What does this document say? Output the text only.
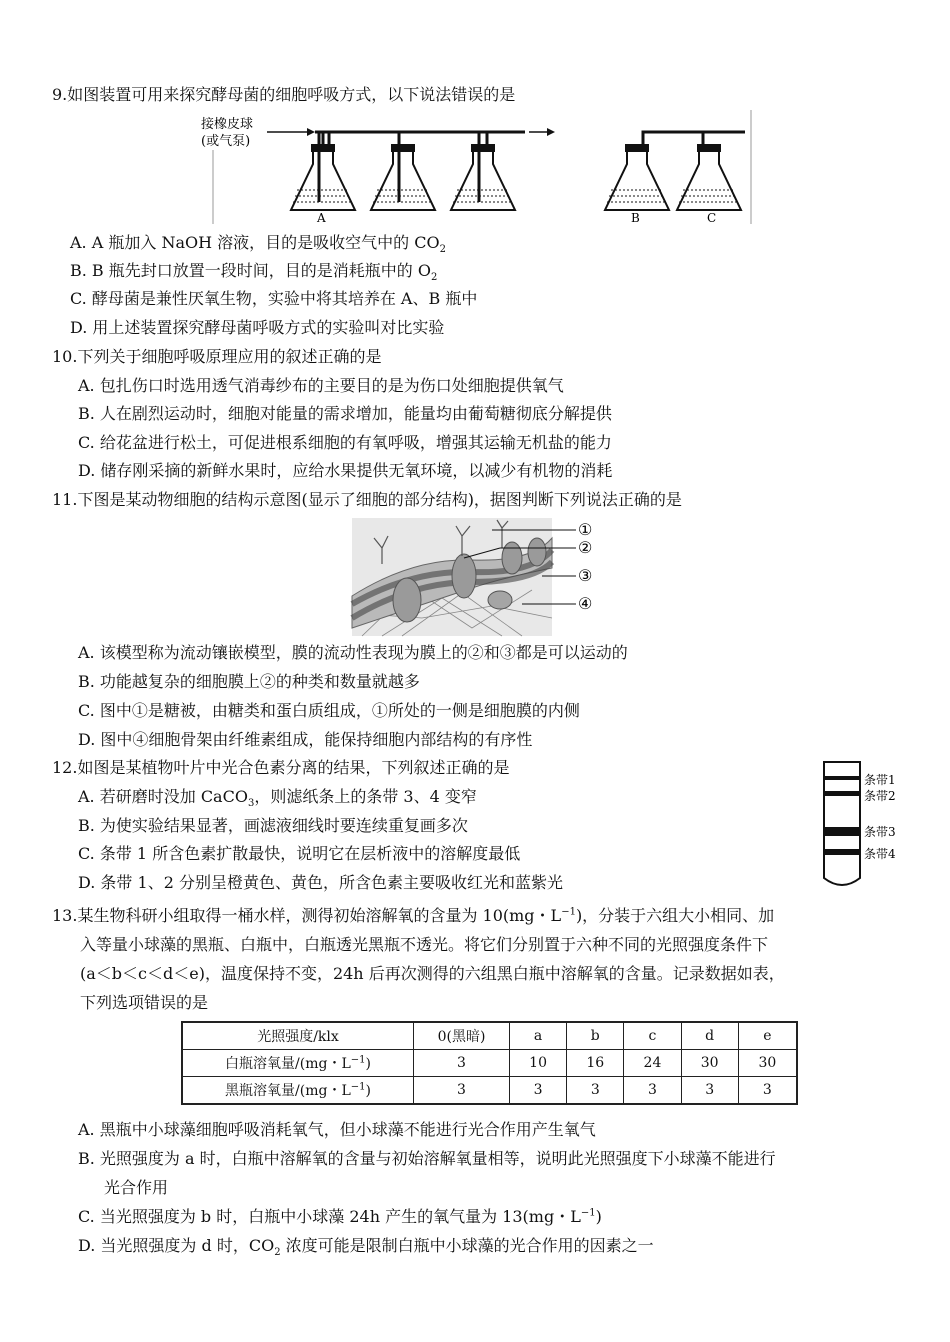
9.如图装置可用来探究酵母菌的细胞呼吸方式，以下说法错误的是
接橡皮球
(或气泵)
A	B	C
A. A 瓶加入 NaOH 溶液，目的是吸收空气中的 $CO_2$
B. B 瓶先封口放置一段时间，目的是消耗瓶中的 $O_2$
C. 酵母菌是兼性厌氧生物，实验中将其培养在 A、B 瓶中
D. 用上述装置探究酵母菌呼吸方式的实验叫对比实验
10.下列关于细胞呼吸原理应用的叙述正确的是
A. 包扎伤口时选用透气消毒纱布的主要目的是为伤口处细胞提供氧气
B. 人在剧烈运动时，细胞对能量的需求增加，能量均由葡萄糖彻底分解提供
C. 给花盆进行松土，可促进根系细胞的有氧呼吸，增强其运输无机盐的能力
D. 储存刚采摘的新鲜水果时，应给水果提供无氧环境，以减少有机物的消耗
11.下图是某动物细胞的结构示意图(显示了细胞的部分结构)，据图判断下列说法正确的是
①
②
③
④
A. 该模型称为流动镶嵌模型，膜的流动性表现为膜上的②和③都是可以运动的
B. 功能越复杂的细胞膜上②的种类和数量就越多
C. 图中①是糖被，由糖类和蛋白质组成，①所处的一侧是细胞膜的内侧
D. 图中④细胞骨架由纤维素组成，能保持细胞内部结构的有序性
12.如图是某植物叶片中光合色素分离的结果，下列叙述正确的是
A. 若研磨时没加 CaCO$_3$，则滤纸条上的条带 3、4 变窄
B. 为使实验结果显著，画滤液细线时要连续重复画多次
C. 条带 1 所含色素扩散最快，说明它在层析液中的溶解度最低
D. 条带 1、2 分别呈橙黄色、黄色，所含色素主要吸收红光和蓝紫光
条带1
条带2
条带3
条带4
13.某生物科研小组取得一桶水样，测得初始溶解氧的含量为 10(mg・$L^{-1}$)，分装于六组大小相同、加
入等量小球藻的黑瓶、白瓶中，白瓶透光黑瓶不透光。将它们分别置于六种不同的光照强度条件下
(a＜b＜c＜d＜e)，温度保持不变，24h 后再次测得的六组黑白瓶中溶解氧的含量。记录数据如表，
下列选项错误的是
光照强度/klx	0(黑暗)	a	b	c	d	e
白瓶溶氧量/(mg・$L^{-1}$)	3	10	16	24	30	30
黑瓶溶氧量/(mg・$L^{-1}$)	3	3	3	3	3	3
A. 黑瓶中小球藻细胞呼吸消耗氧气，但小球藻不能进行光合作用产生氧气
B. 光照强度为 a 时，白瓶中溶解氧的含量与初始溶解氧量相等，说明此光照强度下小球藻不能进行
光合作用
C. 当光照强度为 b 时，白瓶中小球藻 24h 产生的氧气量为 13(mg・$L^{-1}$)
D. 当光照强度为 d 时，$CO_2$ 浓度可能是限制白瓶中小球藻的光合作用的因素之一
